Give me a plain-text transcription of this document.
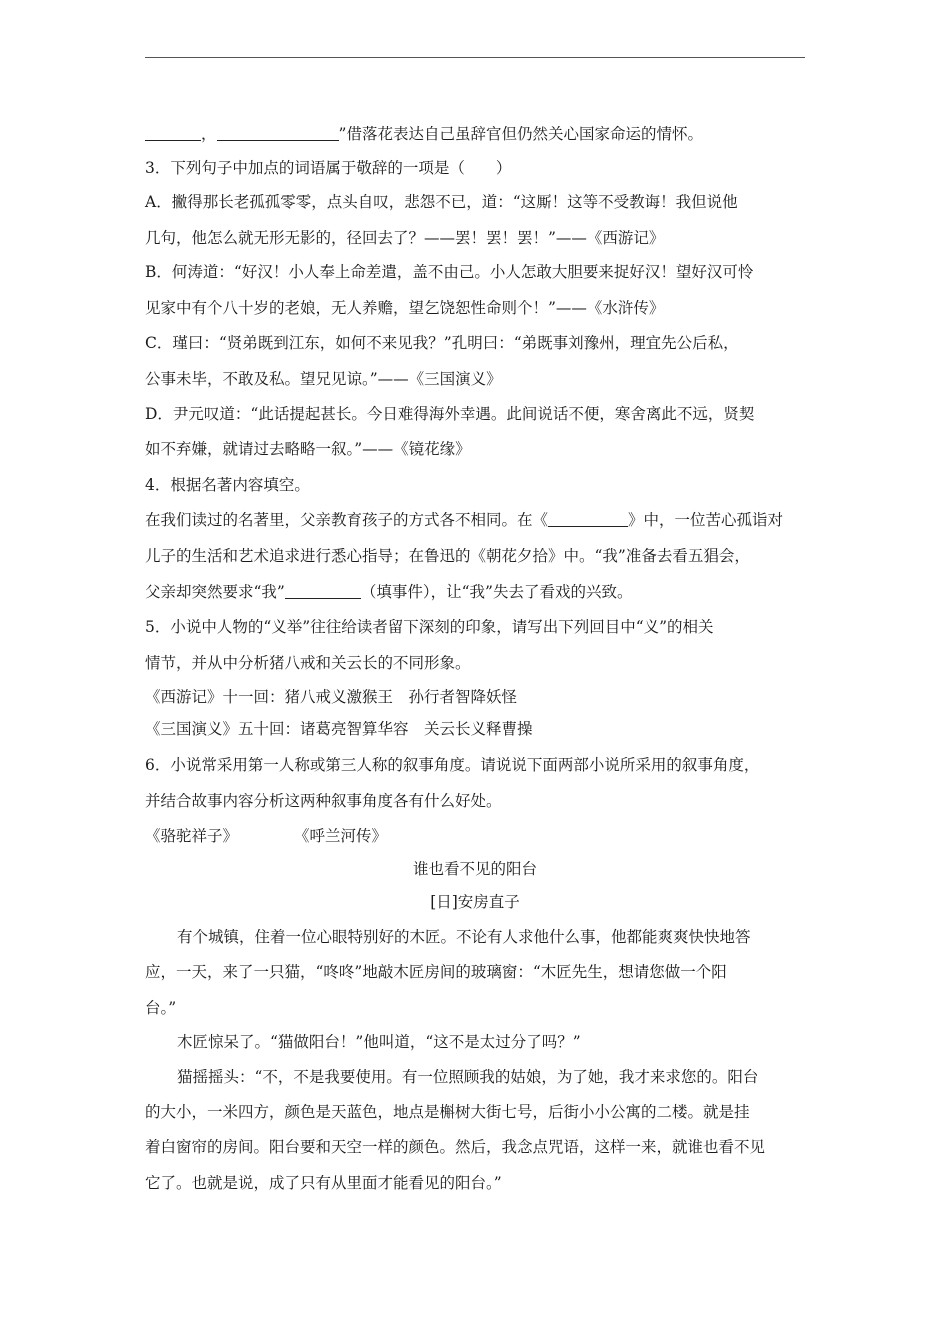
，	”借落花表达自己虽辞官但仍然关心国家命运的情怀。
3．下列句子中加点的词语属于敬辞的一项是（　　）
A．撇得那长老孤孤零零，点头自叹，悲怨不已，道：“这厮！这等不受教诲！我但说他
几句，他怎么就无形无影的，径回去了？——罢！罢！罢！”——《西游记》
B．何涛道：“好汉！小人奉上命差遣，盖不由己。小人怎敢大胆要来捉好汉！望好汉可怜
见家中有个八十岁的老娘，无人养赡，望乞饶恕性命则个！”——《水浒传》
C．瑾曰：“贤弟既到江东，如何不来见我？”孔明曰：“弟既事刘豫州，理宜先公后私，
公事未毕，不敢及私。望兄见谅。”——《三国演义》
D．尹元叹道：“此话提起甚长。今日难得海外幸遇。此间说话不便，寒舍离此不远，贤契
如不弃嫌，就请过去略略一叙。”——《镜花缘》
4．根据名著内容填空。
在我们读过的名著里，父亲教育孩子的方式各不相同。在《	》中，一位苦心孤诣对
儿子的生活和艺术追求进行悉心指导；在鲁迅的《朝花夕拾》中。“我”准备去看五猖会，
父亲却突然要求“我”	（填事件），让“我”失去了看戏的兴致。
5．小说中人物的“义举”往往给读者留下深刻的印象，请写出下列回目中“义”的相关
情节，并从中分析猪八戒和关云长的不同形象。
《西游记》十一回：猪八戒义激猴王　孙行者智降妖怪
《三国演义》五十回：诸葛亮智算华容　关云长义释曹操
6．小说常采用第一人称或第三人称的叙事角度。请说说下面两部小说所采用的叙事角度，
并结合故事内容分析这两种叙事角度各有什么好处。
《骆驼祥子》	《呼兰河传》
谁也看不见的阳台
[日]安房直子
有个城镇，住着一位心眼特别好的木匠。不论有人求他什么事，他都能爽爽快快地答
应，一天，来了一只猫，“咚咚”地敲木匠房间的玻璃窗：“木匠先生，想请您做一个阳
台。”
木匠惊呆了。“猫做阳台！”他叫道，“这不是太过分了吗？”
猫摇摇头：“不，不是我要使用。有一位照顾我的姑娘，为了她，我才来求您的。阳台
的大小，一米四方，颜色是天蓝色，地点是槲树大街七号，后街小小公寓的二楼。就是挂
着白窗帘的房间。阳台要和天空一样的颜色。然后，我念点咒语，这样一来，就谁也看不见
它了。也就是说，成了只有从里面才能看见的阳台。”
